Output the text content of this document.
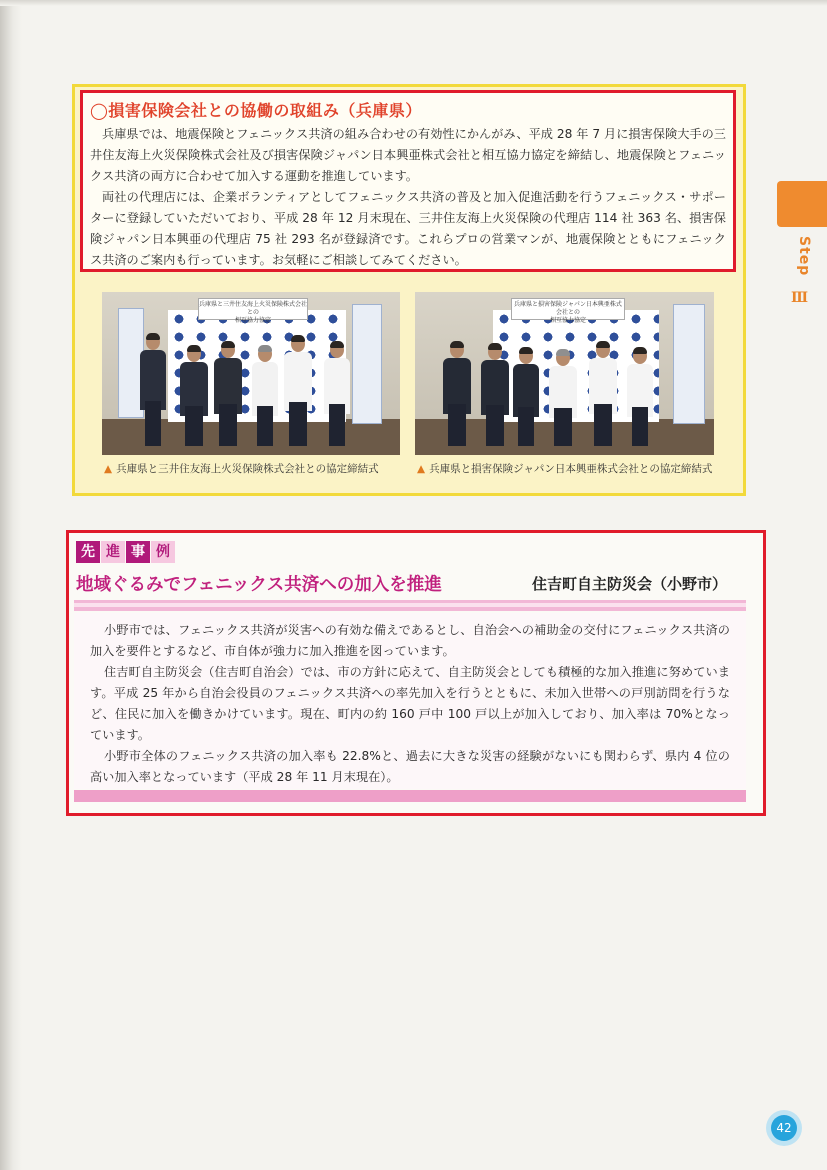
◯損害保険会社との協働の取組み（兵庫県）

兵庫県では、地震保険とフェニックス共済の組み合わせの有効性にかんがみ、平成 28 年 7 月に損害保険大手の三井住友海上火災保険株式会社及び損害保険ジャパン日本興亜株式会社と相互協力協定を締結し、地震保険とフェニックス共済の両方に合わせて加入する運動を推進しています。

両社の代理店には、企業ボランティアとしてフェニックス共済の普及と加入促進活動を行うフェニックス・サポーターに登録していただいており、平成 28 年 12 月末現在、三井住友海上火災保険の代理店 114 社 363 名、損害保険ジャパン日本興亜の代理店 75 社 293 名が登録済です。これらプロの営業マンが、地震保険とともにフェニックス共済のご案内も行っています。お気軽にご相談してみてください。

兵庫県と三井住友海上火災保険株式会社との
相互協力協定
▲ 兵庫県と三井住友海上火災保険株式会社との協定締結式
兵庫県と損害保険ジャパン日本興亜株式会社との
相互協力協定
▲ 兵庫県と損害保険ジャパン日本興亜株式会社との協定締結式
Step
Ⅲ
先 進 事 例
地域ぐるみでフェニックス共済への加入を推進	住吉町自主防災会（小野市）

小野市では、フェニックス共済が災害への有効な備えであるとし、自治会への補助金の交付にフェニックス共済の加入を要件とするなど、市自体が強力に加入推進を図っています。

住吉町自主防災会（住吉町自治会）では、市の方針に応えて、自主防災会としても積極的な加入推進に努めています。平成 25 年から自治会役員のフェニックス共済への率先加入を行うとともに、未加入世帯への戸別訪問を行うなど、住民に加入を働きかけています。現在、町内の約 160 戸中 100 戸以上が加入しており、加入率は 70%となっています。

小野市全体のフェニックス共済の加入率も 22.8%と、過去に大きな災害の経験がないにも関わらず、県内 4 位の高い加入率となっています（平成 28 年 11 月末現在）。

42
